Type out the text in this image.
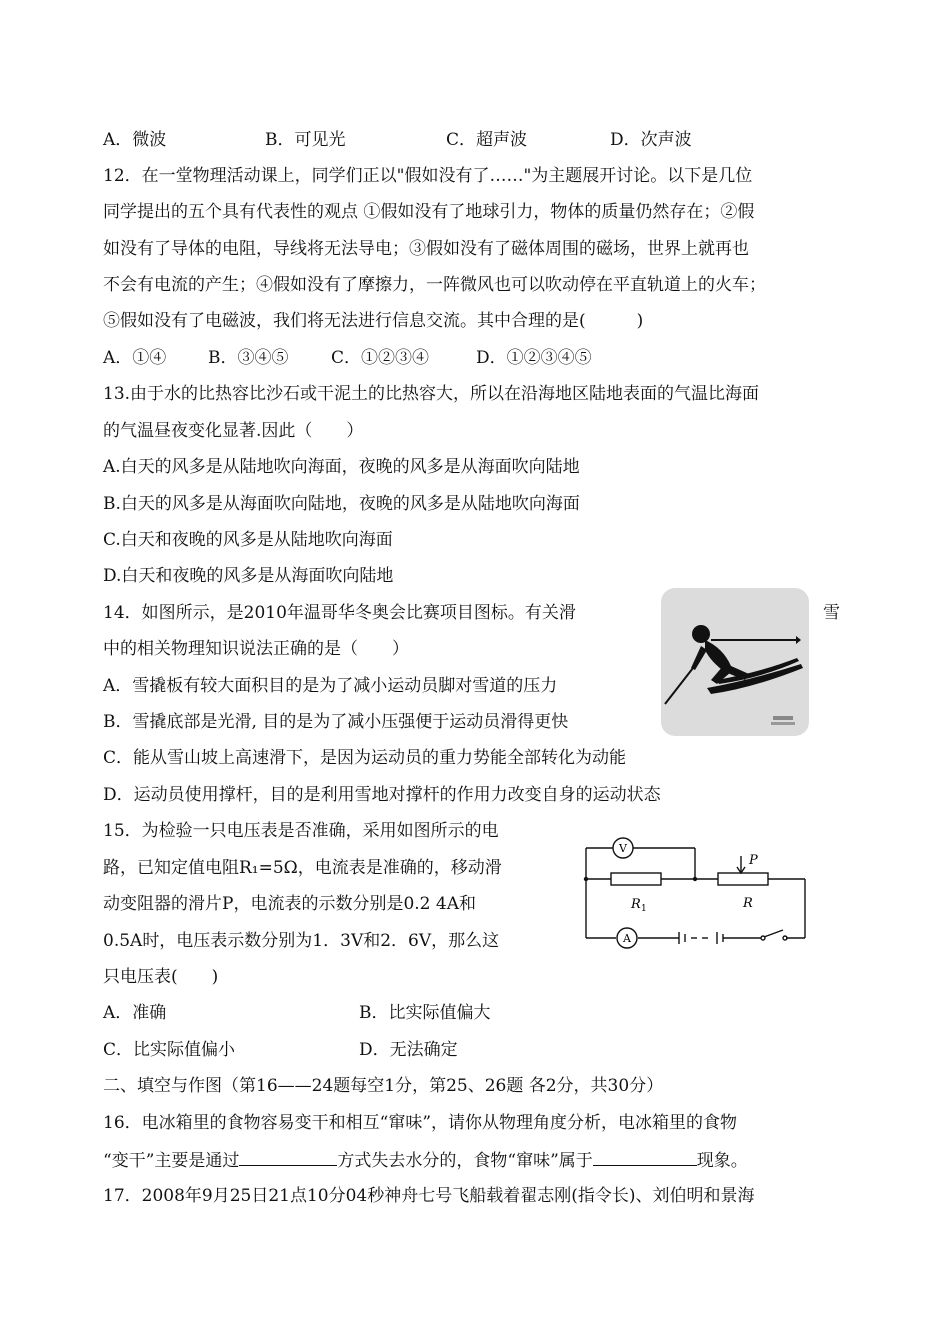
A．微波	B．可见光	C．超声波	D．次声波
12．在一堂物理活动课上，同学们正以"假如没有了……"为主题展开讨论。以下是几位
同学提出的五个具有代表性的观点 ①假如没有了地球引力，物体的质量仍然存在；②假
如没有了导体的电阻，导线将无法导电；③假如没有了磁体周围的磁场，世界上就再也
不会有电流的产生；④假如没有了摩擦力，一阵微风也可以吹动停在平直轨道上的火车；
⑤假如没有了电磁波，我们将无法进行信息交流。其中合理的是(　　　)
A．①④ B．③④⑤	C．①②③④	D．①②③④⑤
13.由于水的比热容比沙石或干泥土的比热容大，所以在沿海地区陆地表面的气温比海面
的气温昼夜变化显著.因此（　　）
A.白天的风多是从陆地吹向海面，夜晚的风多是从海面吹向陆地
B.白天的风多是从海面吹向陆地，夜晚的风多是从陆地吹向海面
C.白天和夜晚的风多是从陆地吹向海面
D.白天和夜晚的风多是从海面吹向陆地
14．如图所示，是2010年温哥华冬奥会比赛项目图标。有关滑	雪
中的相关物理知识说法正确的是（　　）
A．雪撬板有较大面积目的是为了减小运动员脚对雪道的压力
B．雪撬底部是光滑, 目的是为了减小压强便于运动员滑得更快
C．能从雪山坡上高速滑下，是因为运动员的重力势能全部转化为动能
D．运动员使用撑杆，目的是利用雪地对撑杆的作用力改变自身的运动状态
15．为检验一只电压表是否准确，采用如图所示的电
路，已知定值电阻R₁=5Ω，电流表是准确的，移动滑
动变阻器的滑片P，电流表的示数分别是0.2 4A和
0.5A时，电压表示数分别为1．3V和2．6V，那么这
只电压表(　　)
A．准确	B．比实际值偏大
C．比实际值偏小	D．无法确定
V
A
R 1	R
P
二、填空与作图（第16——24题每空1分，第25、26题 各2分，共30分）
16．电冰箱里的食物容易变干和相互“窜味”，请你从物理角度分析，电冰箱里的食物
“变干”主要是通过	方式失去水分的，食物“窜味”属于	现象。
17．2008年9月25日21点10分04秒神舟七号飞船载着翟志刚(指令长)、刘伯明和景海
